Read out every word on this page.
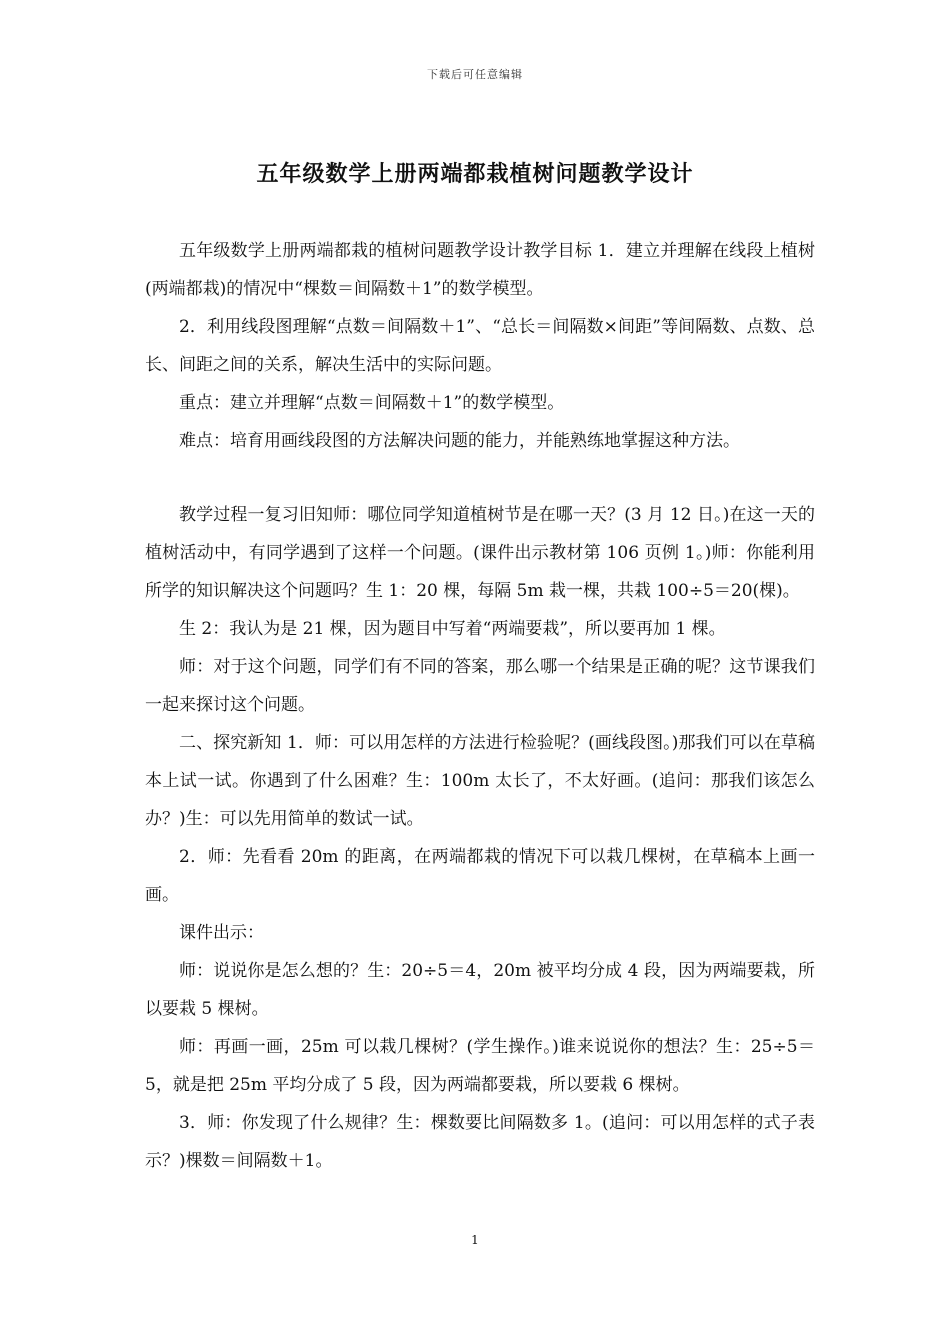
下载后可任意编辑
五年级数学上册两端都栽植树问题教学设计

五年级数学上册两端都栽的植树问题教学设计教学目标 1．建立并理解在线段上植树(两端都栽)的情况中“棵数＝间隔数＋1”的数学模型。

2．利用线段图理解“点数＝间隔数＋1”、“总长＝间隔数×间距”等间隔数、点数、总长、间距之间的关系，解决生活中的实际问题。

重点：建立并理解“点数＝间隔数＋1”的数学模型。

难点：培育用画线段图的方法解决问题的能力，并能熟练地掌握这种方法。

教学过程一复习旧知师：哪位同学知道植树节是在哪一天？(3 月 12 日。)在这一天的植树活动中，有同学遇到了这样一个问题。(课件出示教材第 106 页例 1。)师：你能利用所学的知识解决这个问题吗？生 1：20 棵，每隔 5m 栽一棵，共栽 100÷5＝20(棵)。

生 2：我认为是 21 棵，因为题目中写着“两端要栽”，所以要再加 1 棵。

师：对于这个问题，同学们有不同的答案，那么哪一个结果是正确的呢？这节课我们一起来探讨这个问题。

二、探究新知 1．师：可以用怎样的方法进行检验呢？(画线段图。)那我们可以在草稿本上试一试。你遇到了什么困难？生：100m 太长了，不太好画。(追问：那我们该怎么办？)生：可以先用简单的数试一试。

2．师：先看看 20m 的距离，在两端都栽的情况下可以栽几棵树，在草稿本上画一画。

课件出示：

师：说说你是怎么想的？生：20÷5＝4，20m 被平均分成 4 段，因为两端要栽，所以要栽 5 棵树。

师：再画一画，25m 可以栽几棵树？(学生操作。)谁来说说你的想法？生：25÷5＝5，就是把 25m 平均分成了 5 段，因为两端都要栽，所以要栽 6 棵树。

3．师：你发现了什么规律？生：棵数要比间隔数多 1。(追问：可以用怎样的式子表示？)棵数＝间隔数＋1。

1
